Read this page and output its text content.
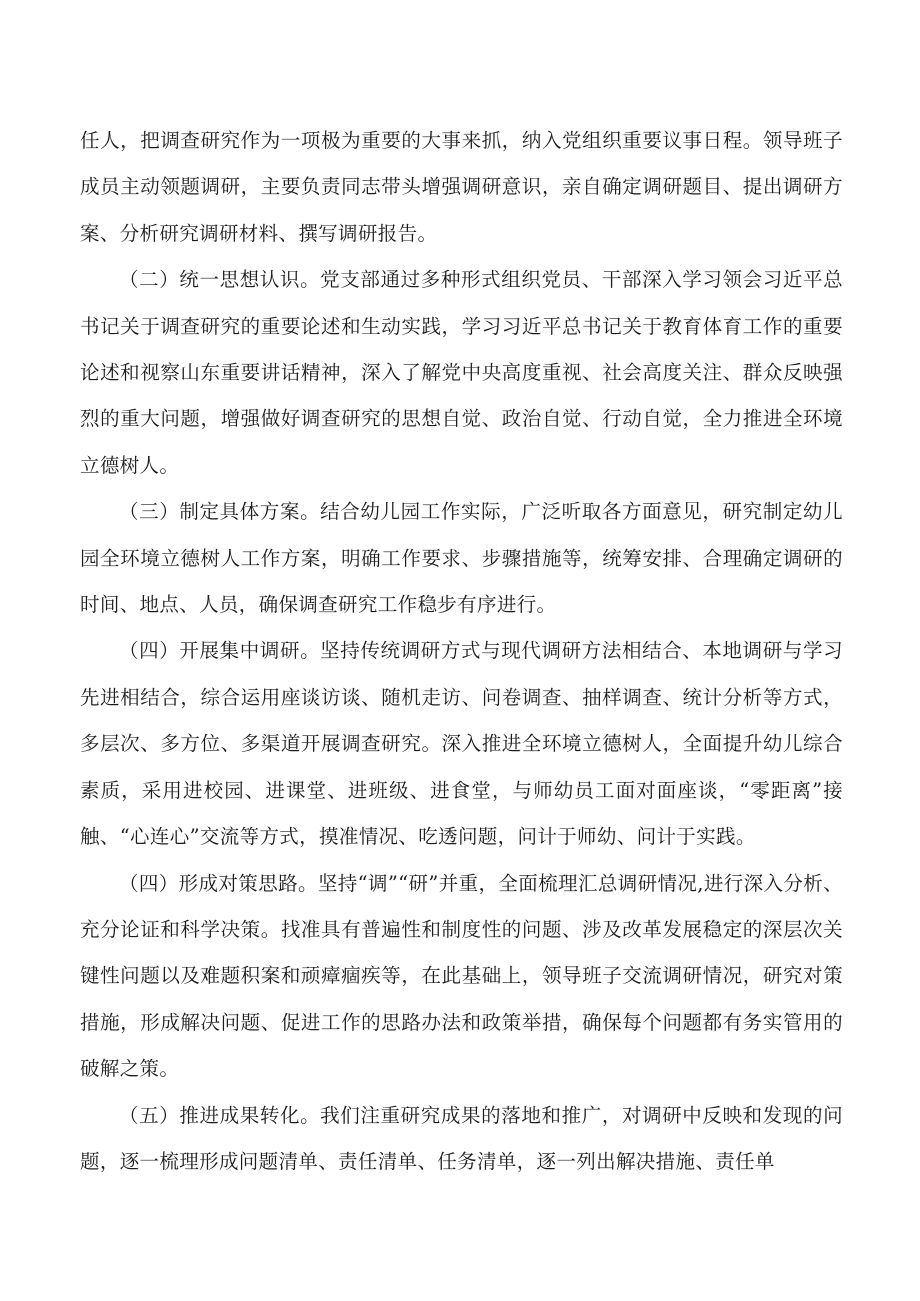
任人，把调查研究作为一项极为重要的大事来抓，纳入党组织重要议事日程。领导班子成员主动领题调研，主要负责同志带头增强调研意识，亲自确定调研题目、提出调研方案、分析研究调研材料、撰写调研报告。

（二）统一思想认识。党支部通过多种形式组织党员、干部深入学习领会习近平总书记关于调查研究的重要论述和生动实践，学习习近平总书记关于教育体育工作的重要论述和视察山东重要讲话精神，深入了解党中央高度重视、社会高度关注、群众反映强烈的重大问题，增强做好调查研究的思想自觉、政治自觉、行动自觉，全力推进全环境立德树人。

（三）制定具体方案。结合幼儿园工作实际，广泛听取各方面意见，研究制定幼儿园全环境立德树人工作方案，明确工作要求、步骤措施等，统筹安排、合理确定调研的时间、地点、人员，确保调查研究工作稳步有序进行。

（四）开展集中调研。坚持传统调研方式与现代调研方法相结合、本地调研与学习先进相结合，综合运用座谈访谈、随机走访、问卷调查、抽样调查、统计分析等方式，多层次、多方位、多渠道开展调查研究。深入推进全环境立德树人，全面提升幼儿综合素质，采用进校园、进课堂、进班级、进食堂，与师幼员工面对面座谈，“零距离”接触、“心连心”交流等方式，摸准情况、吃透问题，问计于师幼、问计于实践。

（四）形成对策思路。坚持“调”“研”并重，全面梳理汇总调研情况,进行深入分析、充分论证和科学决策。找准具有普遍性和制度性的问题、涉及改革发展稳定的深层次关键性问题以及难题积案和顽瘴痼疾等，在此基础上，领导班子交流调研情况，研究对策措施，形成解决问题、促进工作的思路办法和政策举措，确保每个问题都有务实管用的破解之策。

（五）推进成果转化。我们注重研究成果的落地和推广，对调研中反映和发现的问题，逐一梳理形成问题清单、责任清单、任务清单，逐一列出解决措施、责任单
